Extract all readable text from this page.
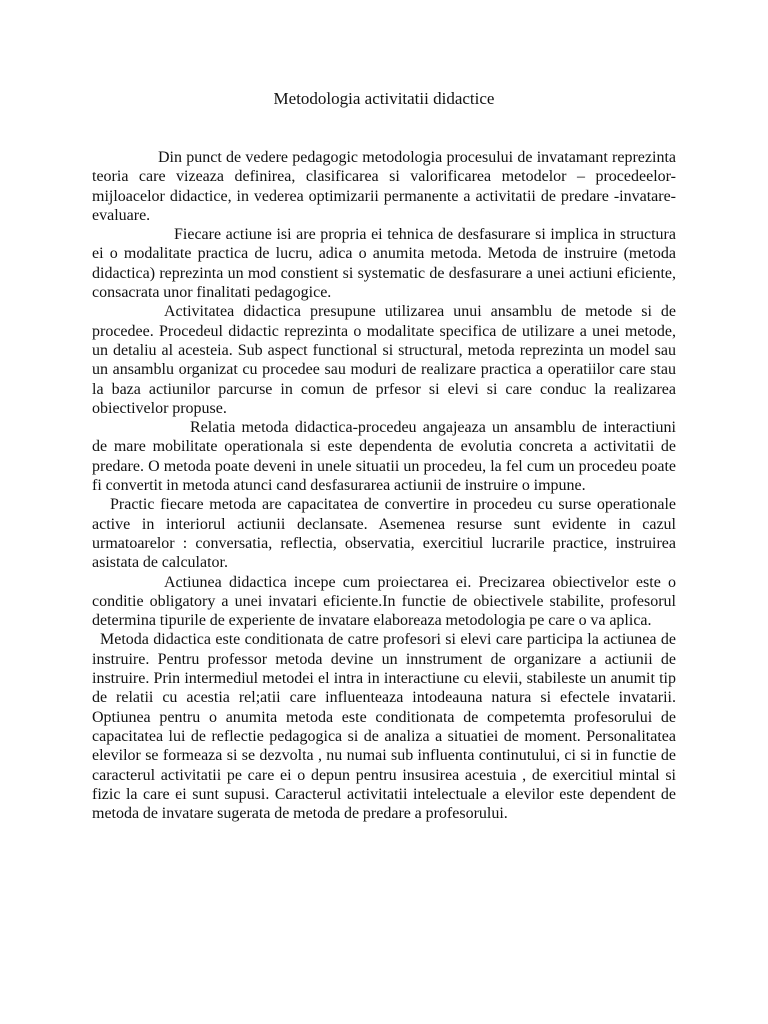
Metodologia activitatii didactice

Din punct de vedere pedagogic metodologia procesului de invatamant reprezinta teoria care vizeaza definirea, clasificarea si valorificarea metodelor – procedeelor- mijloacelor didactice, in vederea optimizarii permanente a activitatii de predare -invatare- evaluare.

Fiecare actiune isi are propria ei tehnica de desfasurare si implica in structura ei o modalitate practica de lucru, adica o anumita metoda. Metoda de instruire (metoda didactica) reprezinta un mod constient si systematic de desfasurare a unei actiuni eficiente, consacrata unor finalitati pedagogice.

Activitatea didactica presupune utilizarea unui ansamblu de metode si de procedee. Procedeul didactic reprezinta o modalitate specifica de utilizare a unei metode, un detaliu al acesteia. Sub aspect functional si structural, metoda reprezinta un model sau un ansamblu organizat cu procedee sau moduri de realizare practica a operatiilor care stau la baza actiunilor parcurse in comun de prfesor si elevi si care conduc la realizarea obiectivelor propuse.

Relatia metoda didactica-procedeu angajeaza un ansamblu de interactiuni de mare mobilitate operationala si este dependenta de evolutia concreta a activitatii de predare. O metoda poate deveni in unele situatii un procedeu, la fel cum un procedeu poate fi convertit in metoda atunci cand desfasurarea actiunii de instruire o impune.

Practic fiecare metoda are capacitatea de convertire in procedeu cu surse operationale active in interiorul actiunii declansate. Asemenea resurse sunt evidente in cazul urmatoarelor : conversatia, reflectia, observatia, exercitiul lucrarile practice, instruirea asistata de calculator.

Actiunea didactica incepe cum proiectarea ei. Precizarea obiectivelor este o conditie obligatory a unei invatari eficiente.In functie de obiectivele stabilite, profesorul determina tipurile de experiente de invatare elaboreaza metodologia pe care o va aplica.

Metoda didactica este conditionata de catre profesori si elevi care participa la actiunea de instruire. Pentru professor metoda devine un innstrument de organizare a actiunii de instruire. Prin intermediul metodei el intra in interactiune cu elevii, stabileste un anumit tip de relatii cu acestia rel;atii care influenteaza intodeauna natura si efectele invatarii. Optiunea pentru o anumita metoda este conditionata de competemta profesorului de capacitatea lui de reflectie pedagogica si de analiza a situatiei de moment. Personalitatea elevilor se formeaza si se dezvolta , nu numai sub influenta continutului, ci si in functie de caracterul activitatii pe care ei o depun pentru insusirea acestuia , de exercitiul mintal si fizic la care ei sunt supusi. Caracterul activitatii intelectuale a elevilor este dependent de metoda de invatare sugerata de metoda de predare a profesorului.
